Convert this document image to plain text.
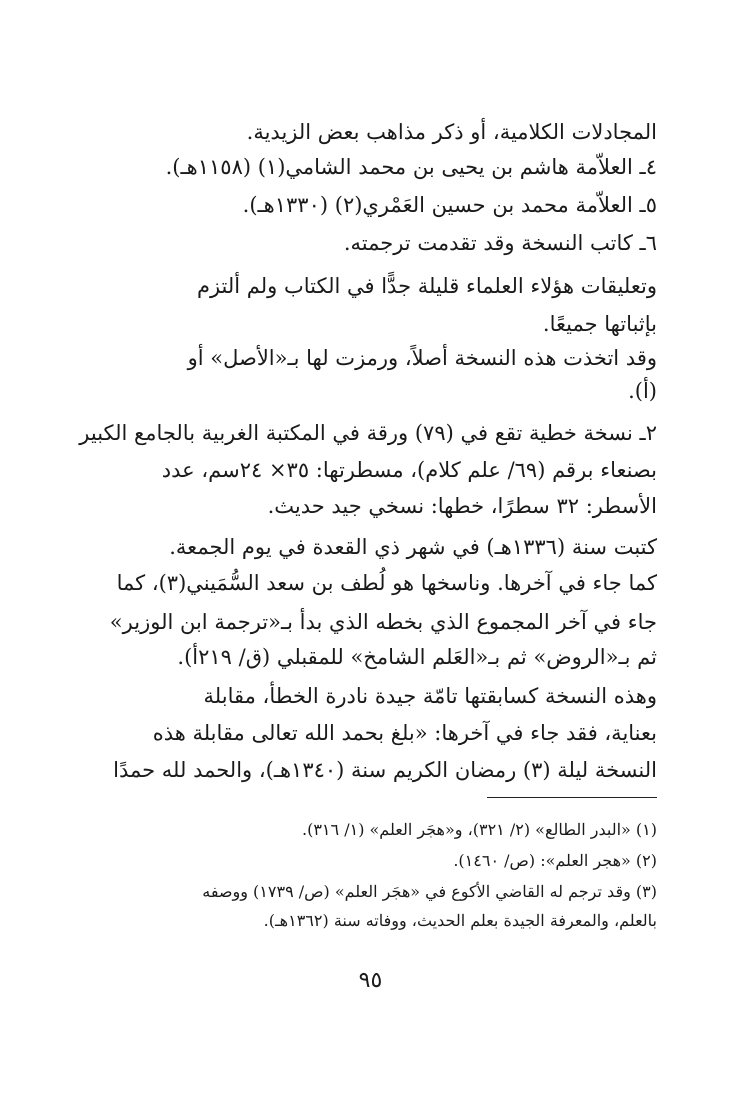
المجادلات الكلامية، أو ذكر مذاهب بعض الزيدية.
٤ـ العلاّمة هاشم بن يحيى بن محمد الشامي(١) (١١٥٨هـ).
٥ـ العلاّمة محمد بن حسين العَمْري(٢) (١٣٣٠هـ).
٦ـ كاتب النسخة وقد تقدمت ترجمته.
وتعليقات هؤلاء العلماء قليلة جدًّا في الكتاب ولم ألتزم
بإثباتها جميعًا.
وقد اتخذت هذه النسخة أصلاً، ورمزت لها بـ«الأصل» أو
(أ).
٢ـ نسخة خطية تقع في (٧٩) ورقة في المكتبة الغربية بالجامع الكبير
بصنعاء برقم (٦٩/ علم كلام)، مسطرتها: ٣٥× ٢٤سم، عدد
الأسطر: ٣٢ سطرًا، خطها: نسخي جيد حديث.
كتبت سنة (١٣٣٦هـ) في شهر ذي القعدة في يوم الجمعة.
كما جاء في آخرها. وناسخها هو لُطف بن سعد السُّمَيني(٣)، كما
جاء في آخر المجموع الذي بخطه الذي بدأ بـ«ترجمة ابن الوزير»
ثم بـ«الروض» ثم بـ«العَلم الشامخ» للمقبلي (ق/ ٢١٩أ).
وهذه النسخة كسابقتها تامّة جيدة نادرة الخطأ، مقابلة
بعناية، فقد جاء في آخرها: «بلغ بحمد الله تعالى مقابلة هذه
النسخة ليلة (٣) رمضان الكريم سنة (١٣٤٠هـ)، والحمد لله حمدًا
(١) «البدر الطالع» (٢/ ٣٢١)، و«هجَر العلم» (١/ ٣١٦).
(٢) «هجر العلم»: (ص/ ١٤٦٠).
(٣) وقد ترجم له القاضي الأكوع في «هجَر العلم» (ص/ ١٧٣٩) ووصفه
بالعلم، والمعرفة الجيدة بعلم الحديث، ووفاته سنة (١٣٦٢هـ).
٩٥
